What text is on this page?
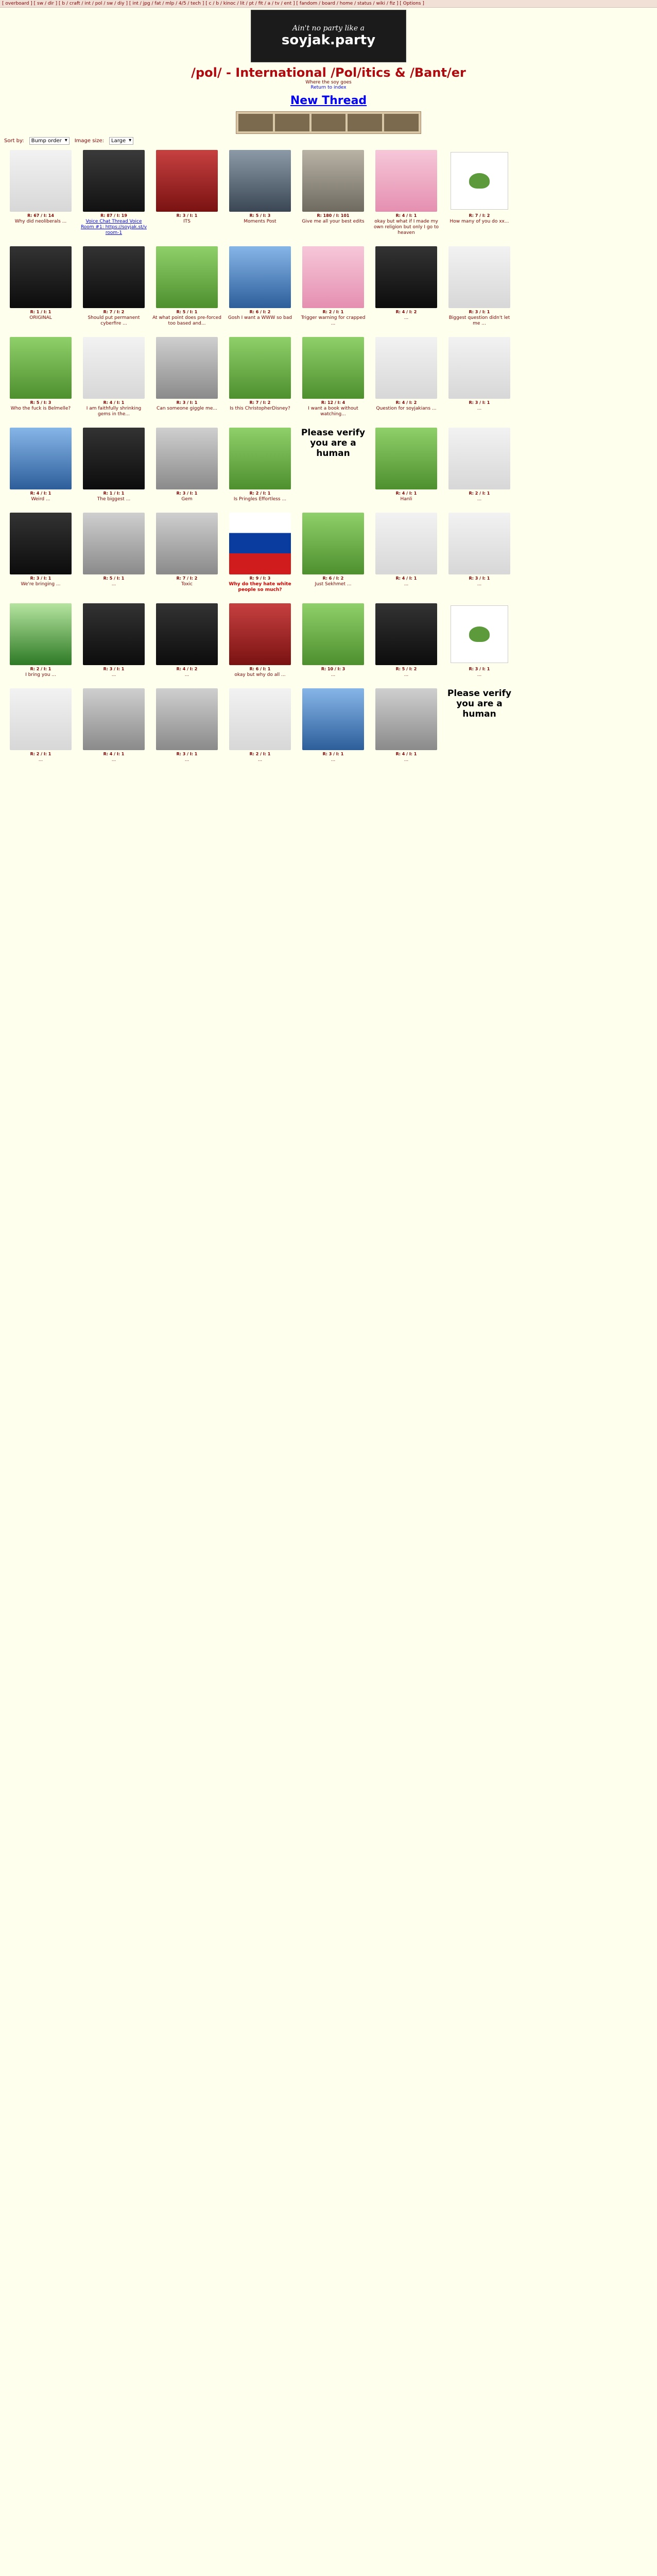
[ overboard ] [ sw / dir ] [ b / craft / int / pol / sw / diy ] [ int / jpg / fat / mlp / 4/5 / tech ] [ c / b / kinoc / lit / pt / fit / a / tv / ent ] [ fandom / board / home / status / wiki / fiz ] [ Options ]
Ain't no party like a
soyjak.party
/pol/ - International /Pol/itics & /Bant/er
Where the soy goes
Return to index
New Thread
Sort by:	Bump order ▾	Image size:	Large ▾
R: 67 / I: 14
Why did neoliberals ...
R: 87 / I: 19
Voice Chat Thread Voice Room #1: https://soyjak.st/v room-1
R: 3 / I: 1
ITS
R: 5 / I: 3
Moments Post
R: 180 / I: 101
Give me all your best edits
R: 4 / I: 1
okay but what if I made my own religion but only I go to heaven
R: 7 / I: 2
How many of you do xx...
R: 1 / I: 1
ORIGINAL
R: 7 / I: 2
Should put permanent cyberfire ...
R: 5 / I: 1
At what point does pre-forced too based and...
R: 6 / I: 2
Gosh I want a WWW so bad
R: 2 / I: 1
Trigger warning for crapped ...
R: 4 / I: 2
...
R: 3 / I: 1
Biggest question didn't let me ...
R: 5 / I: 3
Who the fuck is Belmelle?
R: 4 / I: 1
I am faithfully shrinking gems in the...
R: 3 / I: 1
Can someone giggle me...
R: 7 / I: 2
Is this ChristopherDisney?
R: 12 / I: 4
I want a book without watching...
R: 4 / I: 2
Question for soyjakians ...
R: 3 / I: 1
...
R: 4 / I: 1
Weird ...
R: 1 / I: 1
The biggest ...
R: 3 / I: 1
Gem
R: 2 / I: 1
Is Pringles Effortless ...
Please verify you are a human
R: 4 / I: 1
Hanli
R: 2 / I: 1
...
R: 3 / I: 1
We're bringing ...
R: 5 / I: 1
...
R: 7 / I: 2
Toxic
R: 9 / I: 3
Why do they hate white people so much?
R: 6 / I: 2
Just Sekhmet ...
R: 4 / I: 1
...
R: 3 / I: 1
...
R: 2 / I: 1
I bring you ...
R: 3 / I: 1
...
R: 4 / I: 2
...
R: 6 / I: 1
okay but why do all ...
R: 10 / I: 3
...
R: 5 / I: 2
...
R: 3 / I: 1
...
R: 2 / I: 1
...
R: 4 / I: 1
...
R: 3 / I: 1
...
R: 2 / I: 1
...
R: 3 / I: 1
...
R: 4 / I: 1
...
Please verify you are a human
